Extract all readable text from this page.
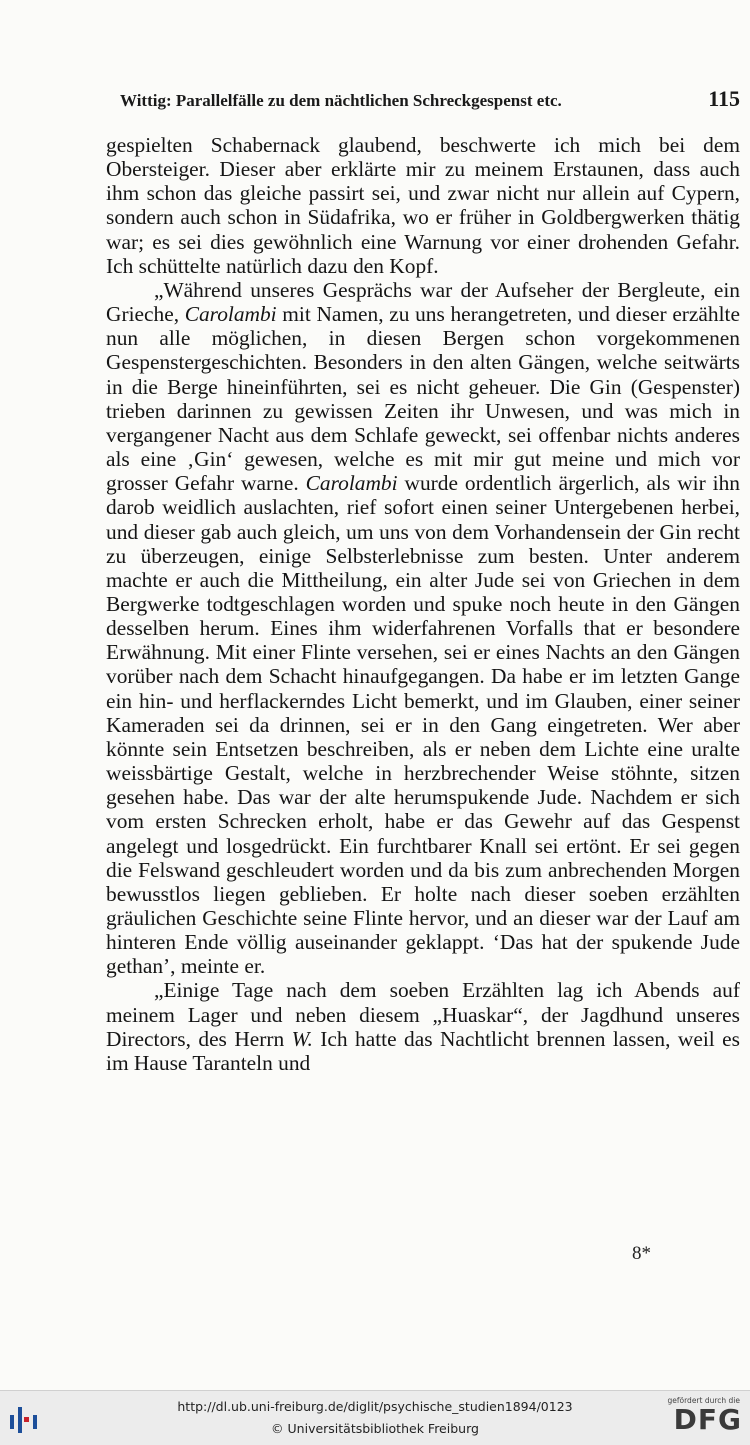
Wittig: Parallelfälle zu dem nächtlichen Schreckgespenst etc.	115

gespielten Schabernack glaubend, beschwerte ich mich bei dem Obersteiger. Dieser aber erklärte mir zu meinem Erstaunen, dass auch ihm schon das gleiche passirt sei, und zwar nicht nur allein auf Cypern, sondern auch schon in Südafrika, wo er früher in Goldbergwerken thätig war; es sei dies gewöhnlich eine Warnung vor einer drohenden Gefahr. Ich schüttelte natürlich dazu den Kopf.

„Während unseres Gesprächs war der Aufseher der Bergleute, ein Grieche, Carolambi mit Namen, zu uns herangetreten, und dieser erzählte nun alle möglichen, in diesen Bergen schon vorgekommenen Gespenstergeschichten. Besonders in den alten Gängen, welche seitwärts in die Berge hineinführten, sei es nicht geheuer. Die Gin (Gespenster) trieben darinnen zu gewissen Zeiten ihr Unwesen, und was mich in vergangener Nacht aus dem Schlafe geweckt, sei offenbar nichts anderes als eine ‚Gin‘ gewesen, welche es mit mir gut meine und mich vor grosser Gefahr warne. Carolambi wurde ordentlich ärgerlich, als wir ihn darob weidlich auslachten, rief sofort einen seiner Untergebenen herbei, und dieser gab auch gleich, um uns von dem Vorhandensein der Gin recht zu überzeugen, einige Selbsterlebnisse zum besten. Unter anderem machte er auch die Mittheilung, ein alter Jude sei von Griechen in dem Bergwerke todtgeschlagen worden und spuke noch heute in den Gängen desselben herum. Eines ihm widerfahrenen Vorfalls that er besondere Erwähnung. Mit einer Flinte versehen, sei er eines Nachts an den Gängen vorüber nach dem Schacht hinaufgegangen. Da habe er im letzten Gange ein hin- und herflackerndes Licht bemerkt, und im Glauben, einer seiner Kameraden sei da drinnen, sei er in den Gang eingetreten. Wer aber könnte sein Entsetzen beschreiben, als er neben dem Lichte eine uralte weissbärtige Gestalt, welche in herzbrechender Weise stöhnte, sitzen gesehen habe. Das war der alte herumspukende Jude. Nachdem er sich vom ersten Schrecken erholt, habe er das Gewehr auf das Gespenst angelegt und losgedrückt. Ein furchtbarer Knall sei ertönt. Er sei gegen die Felswand geschleudert worden und da bis zum anbrechenden Morgen bewusstlos liegen geblieben. Er holte nach dieser soeben erzählten gräulichen Geschichte seine Flinte hervor, und an dieser war der Lauf am hinteren Ende völlig auseinander geklappt. ‘Das hat der spukende Jude gethan’, meinte er.

„Einige Tage nach dem soeben Erzählten lag ich Abends auf meinem Lager und neben diesem „Huaskar“, der Jagdhund unseres Directors, des Herrn W. Ich hatte das Nachtlicht brennen lassen, weil es im Hause Taranteln und

8*
http://dl.ub.uni-freiburg.de/diglit/psychische_studien1894/0123
© Universitätsbibliothek Freiburg
gefördert durch die
DFG
